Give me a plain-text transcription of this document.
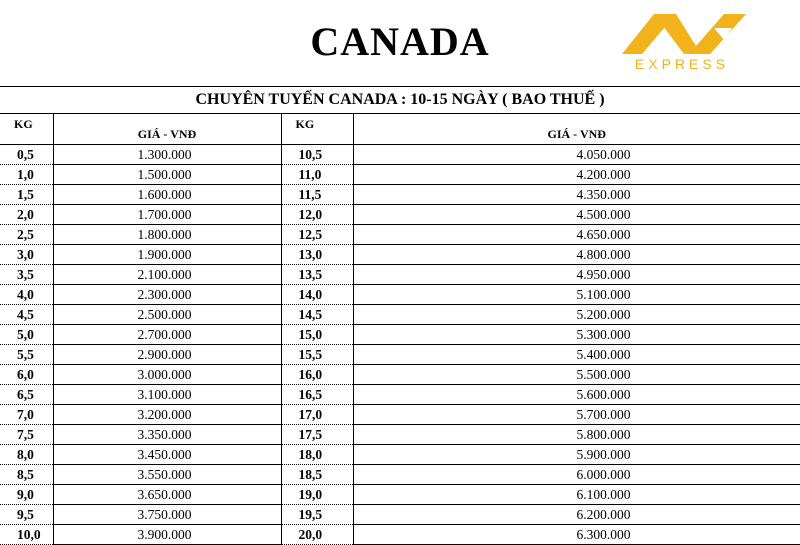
CANADA	EXPRESS
CHUYÊN TUYẾN CANADA : 10-15 NGÀY ( BAO THUẾ )			
KG	GIÁ - VNĐ	KG	GIÁ - VNĐ
0,5	1.300.000	10,5	4.050.000
1,0	1.500.000	11,0	4.200.000
1,5	1.600.000	11,5	4.350.000
2,0	1.700.000	12,0	4.500.000
2,5	1.800.000	12,5	4.650.000
3,0	1.900.000	13,0	4.800.000
3,5	2.100.000	13,5	4.950.000
4,0	2.300.000	14,0	5.100.000
4,5	2.500.000	14,5	5.200.000
5,0	2.700.000	15,0	5.300.000
5,5	2.900.000	15,5	5.400.000
6,0	3.000.000	16,0	5.500.000
6,5	3.100.000	16,5	5.600.000
7,0	3.200.000	17,0	5.700.000
7,5	3.350.000	17,5	5.800.000
8,0	3.450.000	18,0	5.900.000
8,5	3.550.000	18,5	6.000.000
9,0	3.650.000	19,0	6.100.000
9,5	3.750.000	19,5	6.200.000
10,0	3.900.000	20,0	6.300.000
